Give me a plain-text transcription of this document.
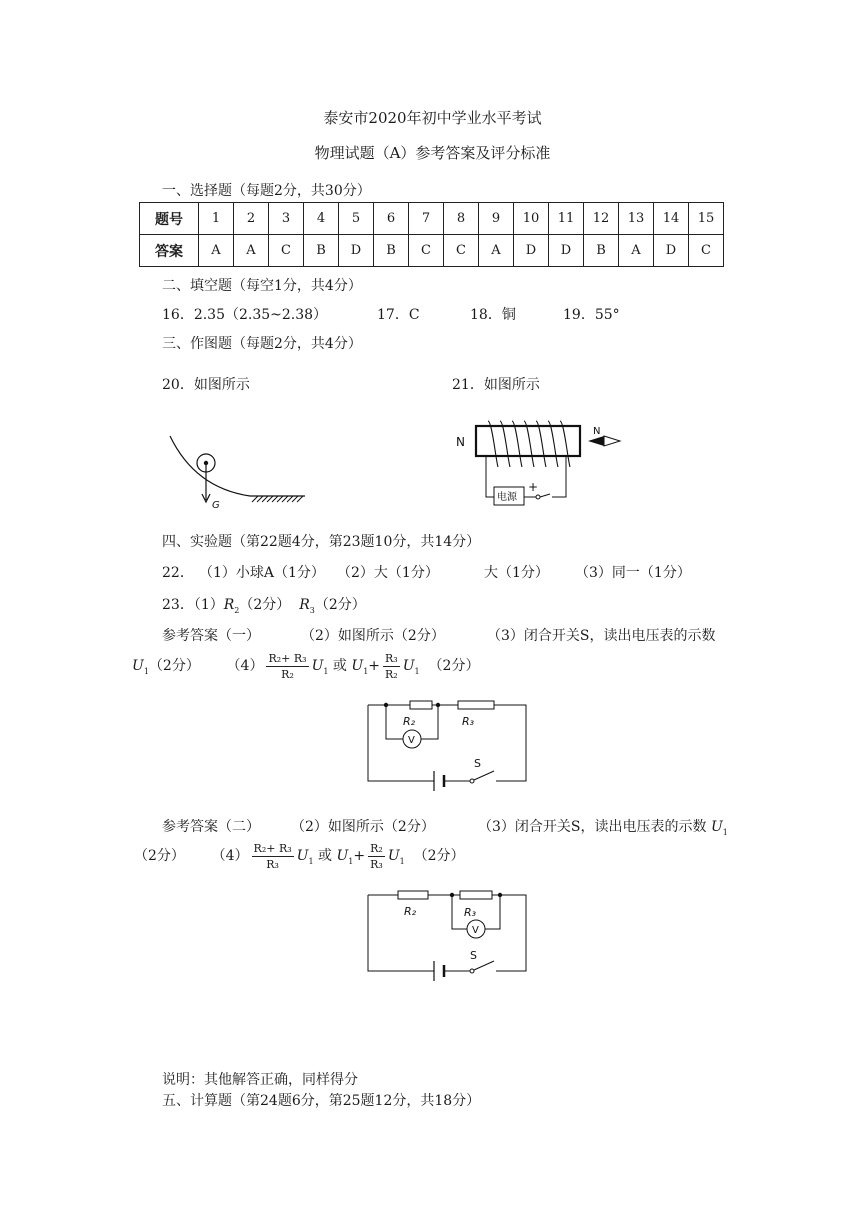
泰安市2020年初中学业水平考试
物理试题（A）参考答案及评分标准
一、选择题（每题2分，共30分）
题号	1	2	3	4	5	6	7	8	9	10	11	12	13	14	15
答案	A	A	C	B	D	B	C	C	A	D	D	B	A	D	C
二、填空题（每空1分，共4分）
16．2.35（2.35~2.38）	17．C	18．铜	19．55°
三、作图题（每题2分，共4分）
20．如图所示	21．如图所示
G
N
电源
+
N
四、实验题（第22题4分，第23题10分，共14分）
22． （1）小球A（1分） （2）大（1分）	大（1分） （3）同一（1分）
23．$(1)R_2(2$分） $R_3(2$分）
参考答案（一）	（2）如图所示（2分）	（3）闭合开关S，读出电压表的示数
$U_1(2$分） $(4) \frac{\text{R₂+ R₃}}{\text{R₂}} U_1$ 或 $U_1+ \frac{\text{R₃}}{\text{R₂}} U_1$ （2分）
R₂	R₃
V
S
参考答案（二） （2）如图所示（2分）	（3）闭合开关S，读出电压表的示数 $U_1$
（2分） $(4) \frac{\text{R₂+ R₃}}{\text{R₃}} U_1$ 或 $U_1+ \frac{\text{R₂}}{\text{R₃}} U_1$ （2分）
R₂	R₃
V
S
说明：其他解答正确，同样得分
五、计算题（第24题6分，第25题12分，共18分）
